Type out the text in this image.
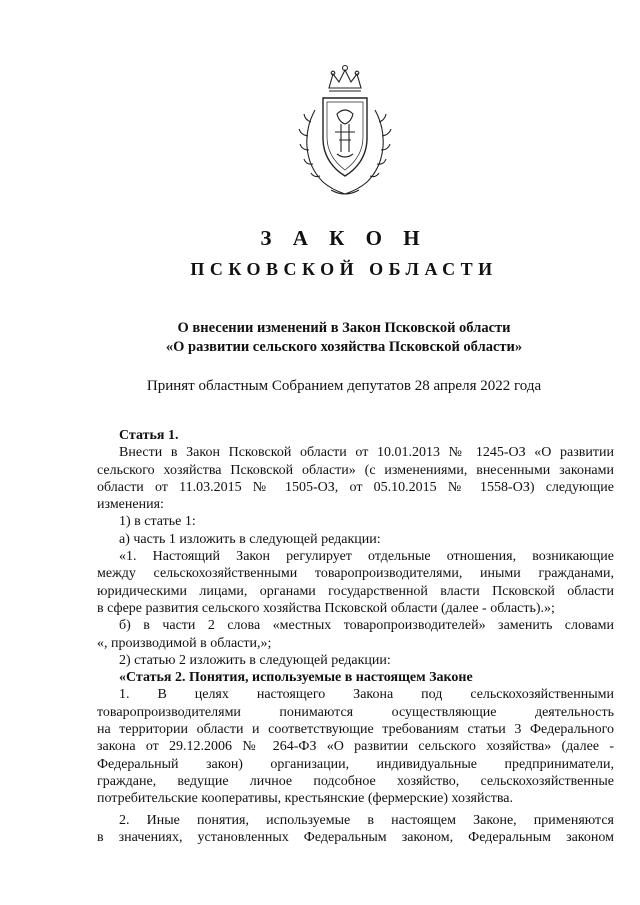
З А К О Н
ПСКОВСКОЙ ОБЛАСТИ
О внесении изменений в Закон Псковской области
«О развитии сельского хозяйства Псковской области»
Принят областным Собранием депутатов 28 апреля 2022 года

Статья 1.

Внести в Закон Псковской области от 10.01.2013 № 1245-ОЗ «О развитии

сельского хозяйства Псковской области» (с изменениями, внесенными законами

области от 11.03.2015 № 1505-ОЗ, от 05.10.2015 № 1558-ОЗ) следующие

изменения:

1) в статье 1:

а) часть 1 изложить в следующей редакции:

«1. Настоящий Закон регулирует отдельные отношения, возникающие

между сельскохозяйственными товаропроизводителями, иными гражданами,

юридическими лицами, органами государственной власти Псковской области

в сфере развития сельского хозяйства Псковской области (далее - область).»;

б) в части 2 слова «местных товаропроизводителей» заменить словами

«, производимой в области,»;

2) статью 2 изложить в следующей редакции:

«Статья 2. Понятия, используемые в настоящем Законе

1. В целях настоящего Закона под сельскохозяйственными

товаропроизводителями понимаются осуществляющие деятельность

на территории области и соответствующие требованиям статьи 3 Федерального

закона от 29.12.2006 № 264-ФЗ «О развитии сельского хозяйства» (далее -

Федеральный закон) организации, индивидуальные предприниматели,

граждане, ведущие личное подсобное хозяйство, сельскохозяйственные

потребительские кооперативы, крестьянские (фермерские) хозяйства.

2. Иные понятия, используемые в настоящем Законе, применяются

в значениях, установленных Федеральным законом, Федеральным законом
